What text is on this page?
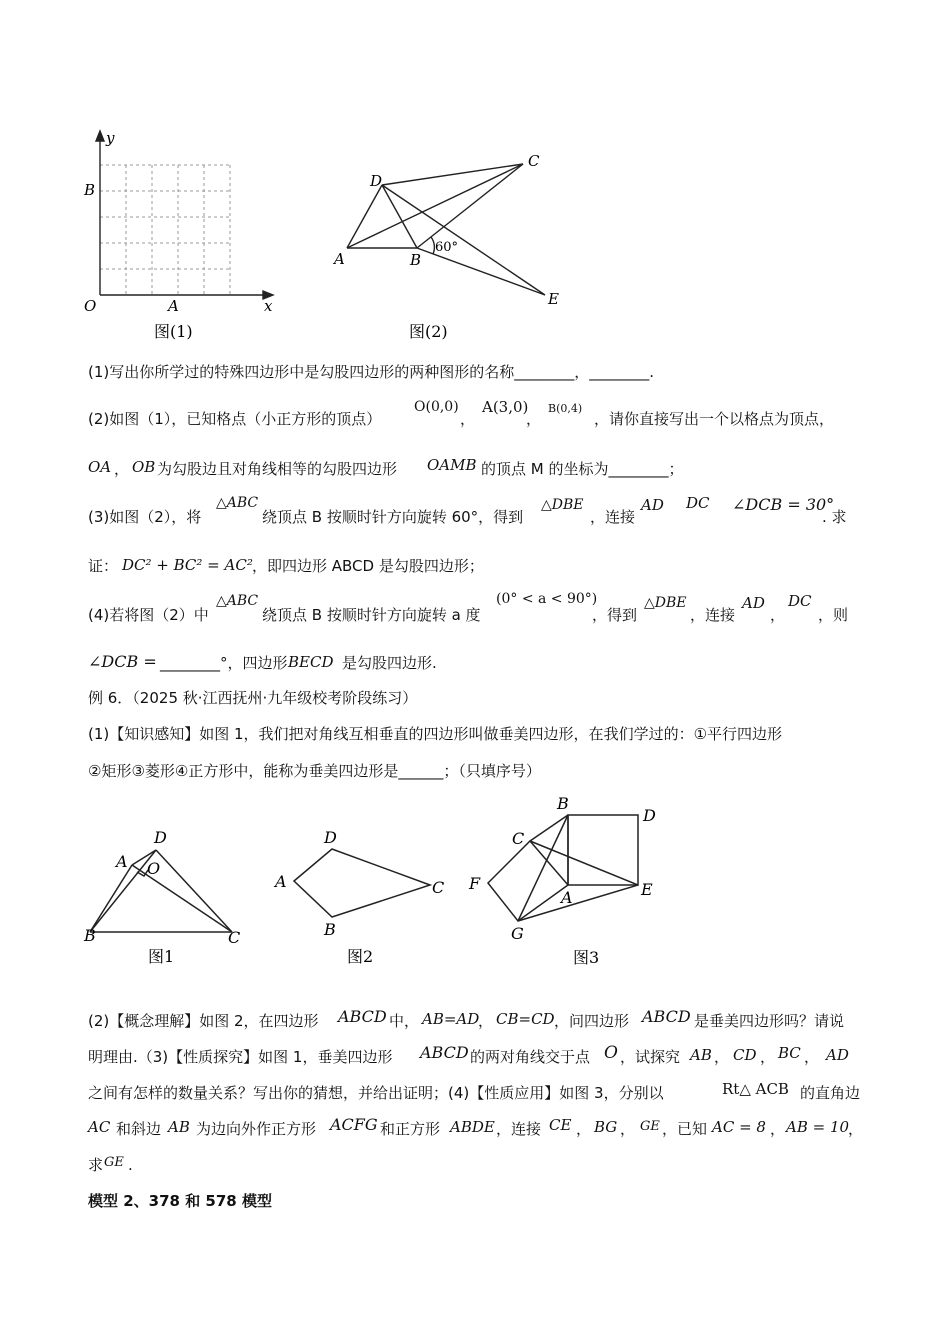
y
B
O	A	x
图(1)
D
C
A	B
E
60°
图(2)
(1)写出你所学过的特殊四边形中是勾股四边形的两种图形的名称________，________.
(2)如图（1），已知格点（小正方形的顶点）
O(0,0)
，
A(3,0)
，
B(0,4)
，请你直接写出一个以格点为顶点，
OA ， OB 为勾股边且对角线相等的勾股四边形 OAMB 的顶点 M 的坐标为________；
(3)如图（2），将
△ABC
绕顶点 B 按顺时针方向旋转 60°，得到
△DBE
，连接
AD DC ∠DCB = 30°
. 求
证： DC² + BC² = AC² ，即四边形 ABCD 是勾股四边形；
(4)若将图（2）中
△ABC
绕顶点 B 按顺时针方向旋转 a 度
(0° < a < 90°)
，得到
△DBE
，连接
AD
，
DC
，则
∠DCB = ________°，四边形 BECD 是勾股四边形.
例 6．（2025 秋·江西抚州·九年级校考阶段练习）
(1)【知识感知】如图 1，我们把对角线互相垂直的四边形叫做垂美四边形，在我们学过的：①平行四边形
②矩形③菱形④正方形中，能称为垂美四边形是______；（只填序号）
D
A O
B	C
图1
D
A	C
B
图2
B
D
C
F	E
A
G
图3
(2)【概念理解】如图 2，在四边形 ABCD 中， AB=AD
， CB=CD ，问四边形 ABCD 是垂美四边形吗？请说
明理由.（3)【性质探究】如图 1，垂美四边形 ABCD 的两对角线交于点 O ，试探究 AB ， CD ， BC ， AD
之间有怎样的数量关系？写出你的猜想，并给出证明；(4)【性质应用】如图 3，分别以	Rt△ ACB 的直角边
AC 和斜边 AB 为边向外作正方形 ACFG 和正方形 ABDE ，连接 CE ， BG ， GE ，已知 AC = 8 ， AB = 10
，
求 GE .
模型 2、378 和 578 模型
